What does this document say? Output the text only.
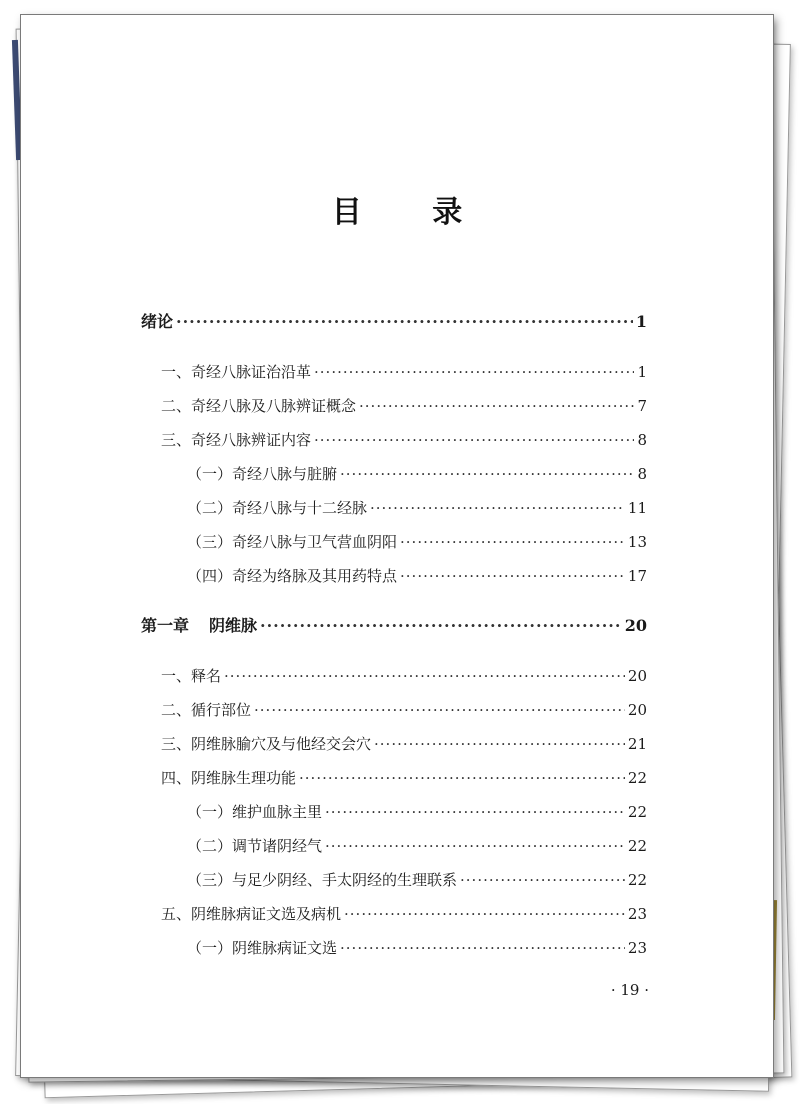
目 录
绪论 ·····	1
一、奇经八脉证治沿革 ·····	1
二、奇经八脉及八脉辨证概念 ·····	7
三、奇经八脉辨证内容 ·····	8
（一）奇经八脉与脏腑 ·····	8
（二）奇经八脉与十二经脉 ·····	11
（三）奇经八脉与卫气营血阴阳 ·····	13
（四）奇经为络脉及其用药特点 ·····	17
第一章 阴维脉 ·····	20
一、释名 ·····	20
二、循行部位 ·····	20
三、阴维脉腧穴及与他经交会穴 ·····	21
四、阴维脉生理功能 ·····	22
（一）维护血脉主里 ·····	22
（二）调节诸阴经气 ·····	22
（三）与足少阴经、手太阴经的生理联系 ·····	22
五、阴维脉病证文选及病机 ·····	23
（一）阴维脉病证文选 ·····	23
· 19 ·
